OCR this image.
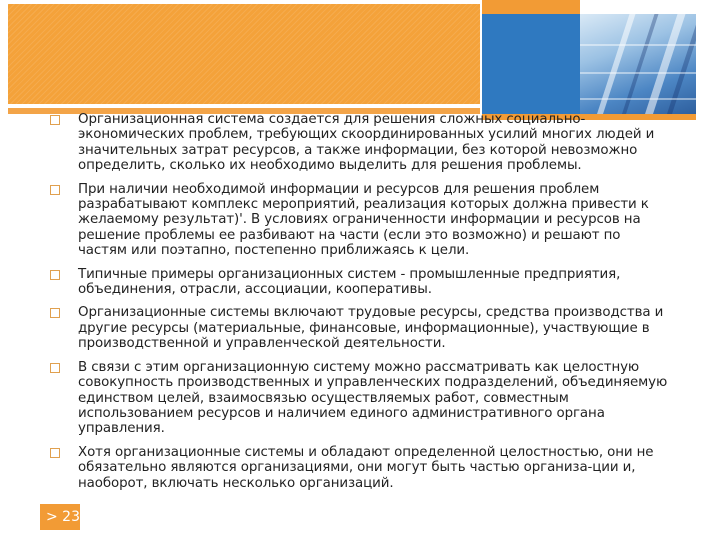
Организационная система создается для решения сложных социально-экономических проблем, требующих скоординированных усилий многих людей и значительных затрат ресурсов, а также информации, без которой невозможно определить, сколько их необходимо выделить для решения проблемы.
При наличии необходимой информации и ресурсов для решения проблем разрабатывают комплекс мероприятий, реализация которых должна привести к желаемому результат)'. В условиях ограниченности информации и ресурсов на решение проблемы ее разбивают на части (если это возможно) и решают по частям или поэтапно, постепенно приближаясь к цели.
Типичные примеры организационных систем - промышленные предприятия, объединения, отрасли, ассоциации, кооперативы.
Организационные системы включают трудовые ресурсы, средства производства и другие ресурсы (материальные, финансовые, информационные), участвующие в производственной и управленческой деятельности.
В связи с этим организационную систему можно рассматривать как целостную совокупность производственных и управленческих подразделений, объединяемую единством целей, взаимосвязью осуществляемых работ, совместным использованием ресурсов и наличием единого административного органа управления.
Хотя организационные системы и обладают определенной целостностью, они не обязательно являются организациями, они могут быть частью организа-ции и, наоборот, включать несколько организаций.
> 23
